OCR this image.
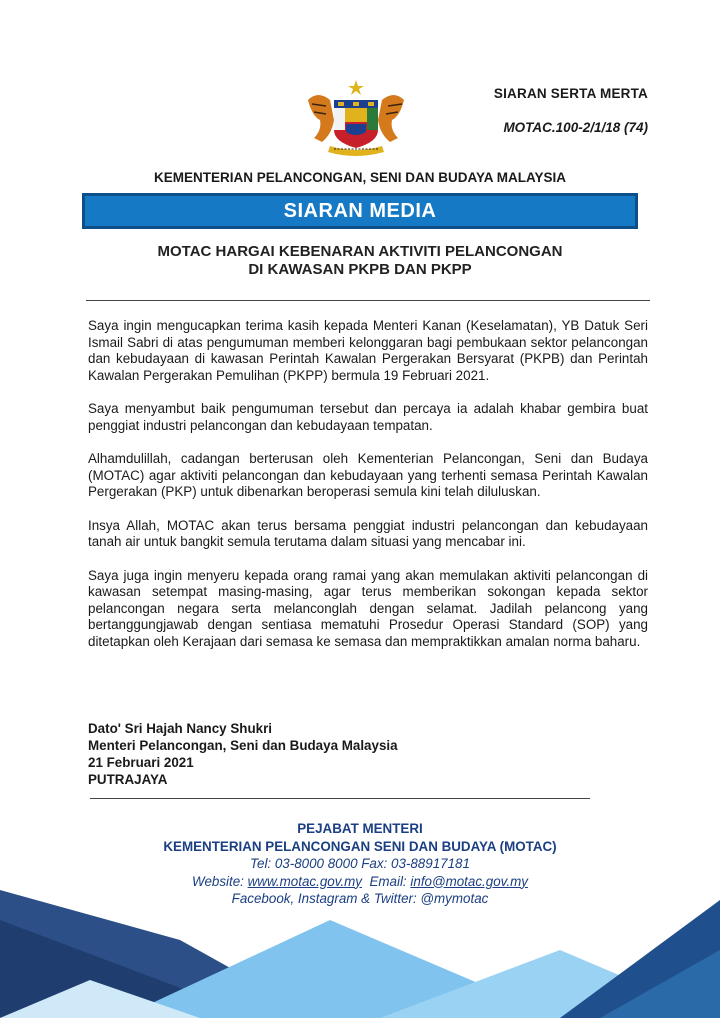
SIARAN SERTA MERTA
MOTAC.100-2/1/18 (74)
KEMENTERIAN PELANCONGAN, SENI DAN BUDAYA MALAYSIA
SIARAN MEDIA
MOTAC HARGAI KEBENARAN AKTIVITI PELANCONGAN
DI KAWASAN PKPB DAN PKPP

Saya ingin mengucapkan terima kasih kepada Menteri Kanan (Keselamatan), YB Datuk Seri Ismail Sabri di atas pengumuman memberi kelonggaran bagi pembukaan sektor pelancongan dan kebudayaan di kawasan Perintah Kawalan Pergerakan Bersyarat (PKPB) dan Perintah Kawalan Pergerakan Pemulihan (PKPP) bermula 19 Februari 2021.

Saya menyambut baik pengumuman tersebut dan percaya ia adalah khabar gembira buat penggiat industri pelancongan dan kebudayaan tempatan.

Alhamdulillah, cadangan berterusan oleh Kementerian Pelancongan, Seni dan Budaya (MOTAC) agar aktiviti pelancongan dan kebudayaan yang terhenti semasa Perintah Kawalan Pergerakan (PKP) untuk dibenarkan beroperasi semula kini telah diluluskan.

Insya Allah, MOTAC akan terus bersama penggiat industri pelancongan dan kebudayaan tanah air untuk bangkit semula terutama dalam situasi yang mencabar ini.

Saya juga ingin menyeru kepada orang ramai yang akan memulakan aktiviti pelancongan di kawasan setempat masing-masing, agar terus memberikan sokongan kepada sektor pelancongan negara serta melanconglah dengan selamat. Jadilah pelancong yang bertanggungjawab dengan sentiasa mematuhi Prosedur Operasi Standard (SOP) yang ditetapkan oleh Kerajaan dari semasa ke semasa dan mempraktikkan amalan norma baharu.

Dato' Sri Hajah Nancy Shukri
Menteri Pelancongan, Seni dan Budaya Malaysia
21 Februari 2021
PUTRAJAYA
PEJABAT MENTERI
KEMENTERIAN PELANCONGAN SENI DAN BUDAYA (MOTAC)
Tel: 03-8000 8000 Fax: 03-88917181
Website: www.motac.gov.my Email: info@motac.gov.my
Facebook, Instagram & Twitter: @mymotac
